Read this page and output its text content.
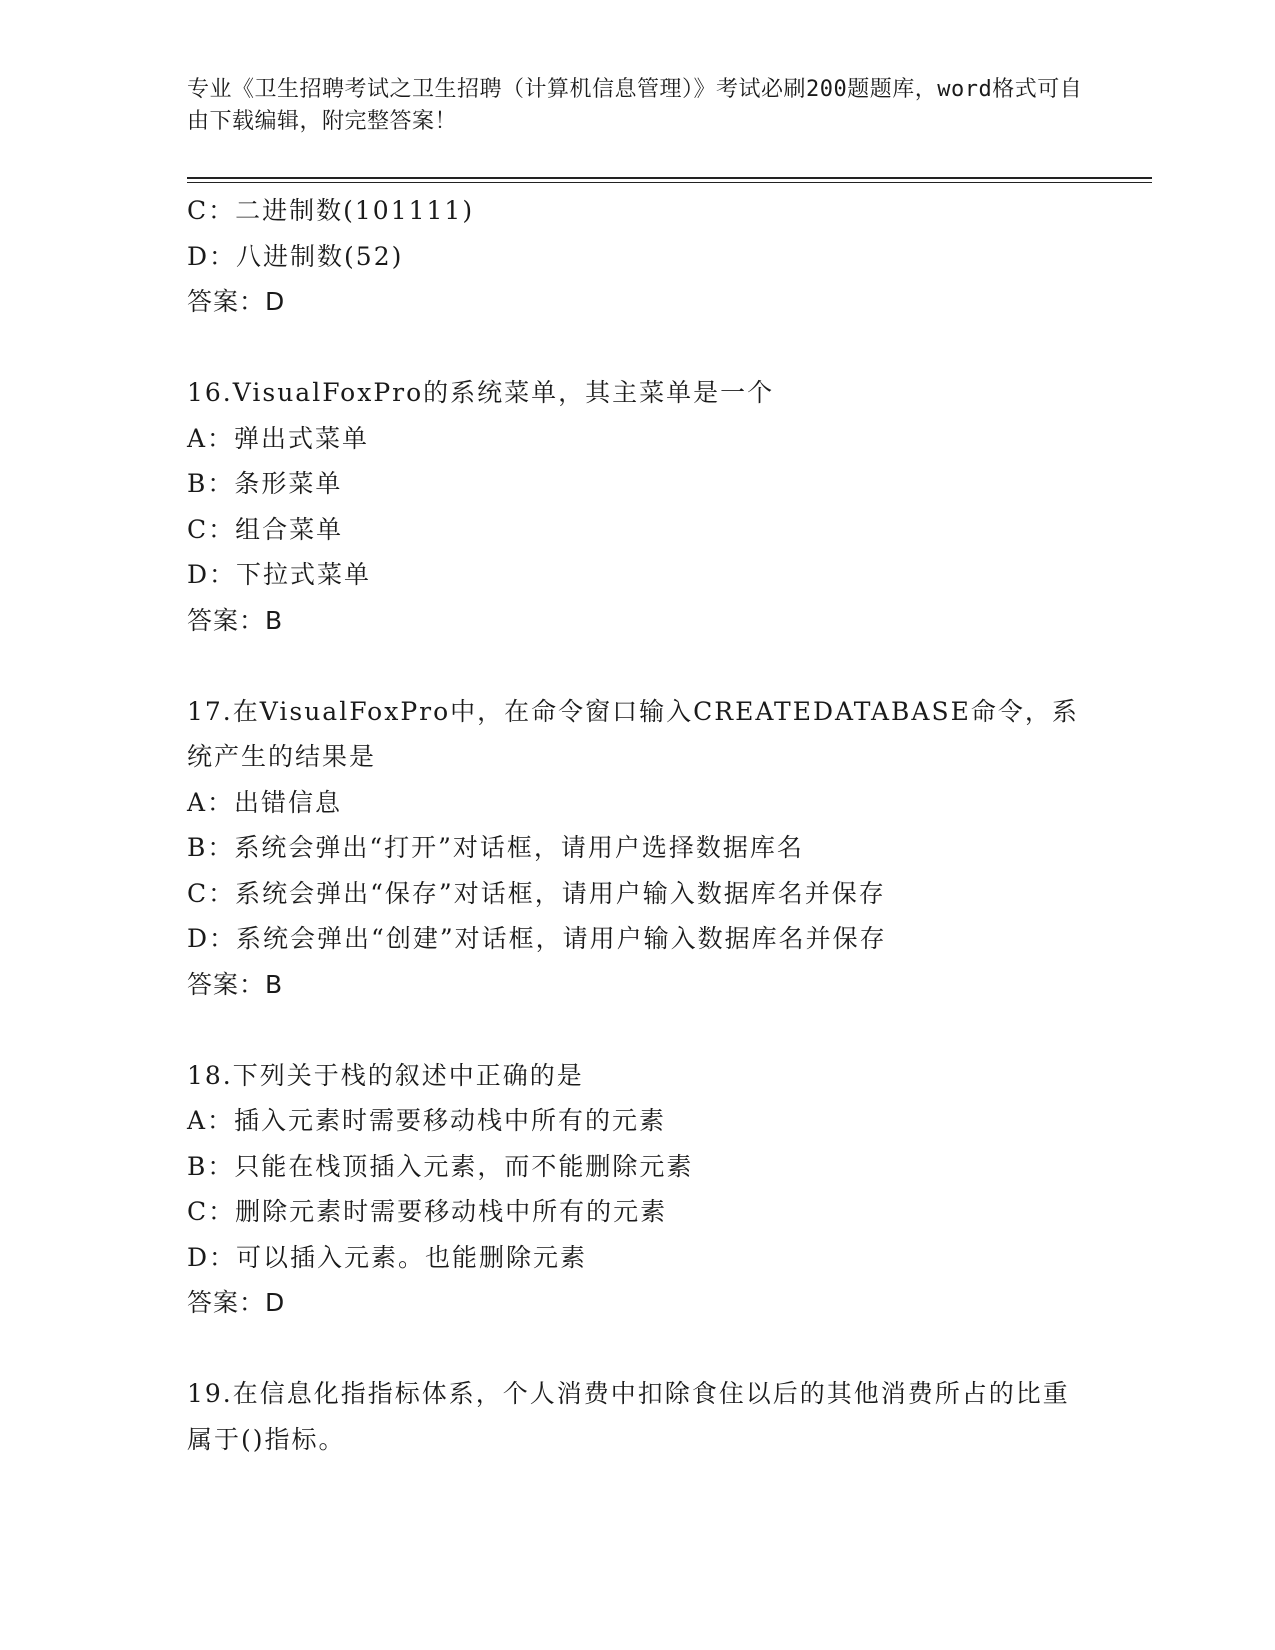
专业《卫生招聘考试之卫生招聘（计算机信息管理）》考试必刷200题题库，word格式可自由下载编辑，附完整答案！
C：二进制数(101111)
D：八进制数(52)
答案：D
16.VisualFoxPro的系统菜单，其主菜单是一个
A：弹出式菜单
B：条形菜单
C：组合菜单
D：下拉式菜单
答案：B
17.在VisualFoxPro中，在命令窗口输入CREATEDATABASE命令，系统产生的结果是
A：出错信息
B：系统会弹出“打开”对话框，请用户选择数据库名
C：系统会弹出“保存”对话框，请用户输入数据库名并保存
D：系统会弹出“创建”对话框，请用户输入数据库名并保存
答案：B
18.下列关于栈的叙述中正确的是
A：插入元素时需要移动栈中所有的元素
B：只能在栈顶插入元素，而不能删除元素
C：删除元素时需要移动栈中所有的元素
D：可以插入元素。也能删除元素
答案：D
19.在信息化指指标体系，个人消费中扣除食住以后的其他消费所占的比重属于()指标。
